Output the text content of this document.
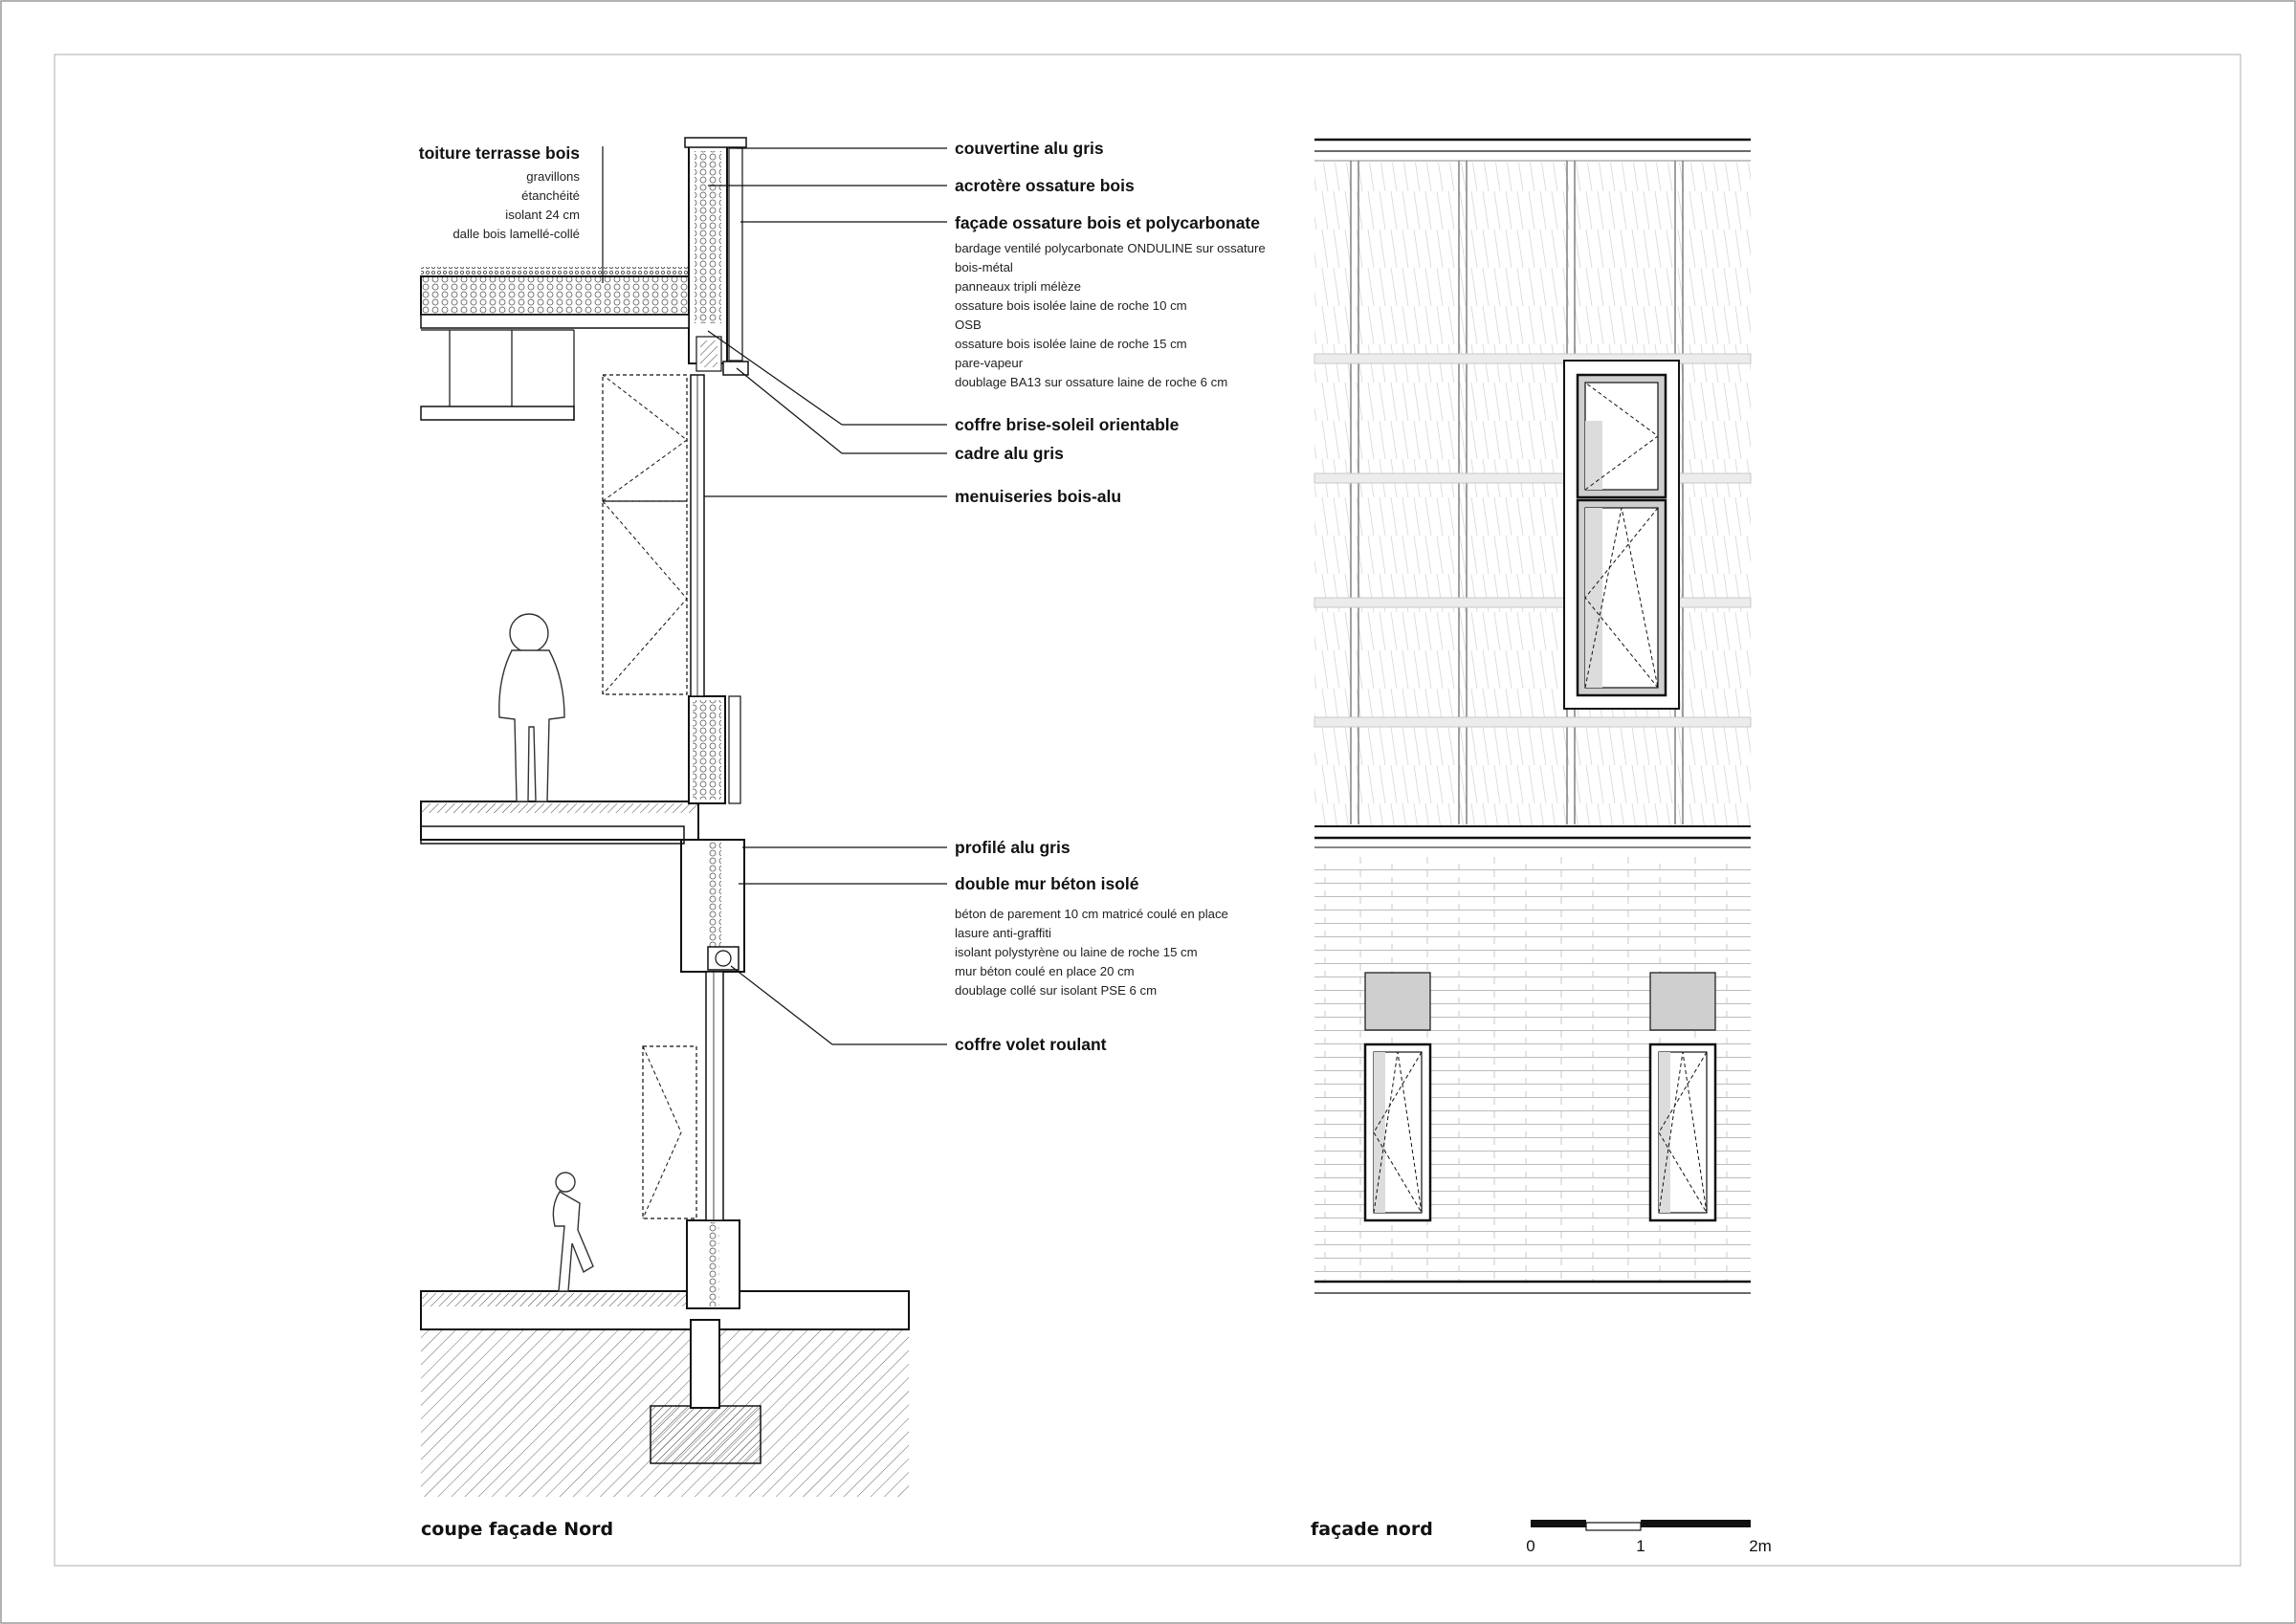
toiture terrasse bois
gravillons
étanchéité
isolant 24 cm
dalle bois lamellé-collé
couvertine alu gris
acrotère ossature bois
façade ossature bois et polycarbonate
bardage ventilé polycarbonate ONDULINE sur ossature
bois-métal
panneaux tripli mélèze
ossature bois isolée laine de roche 10 cm
OSB
ossature bois isolée laine de roche 15 cm
pare-vapeur
doublage BA13 sur ossature laine de roche 6 cm
coffre brise-soleil orientable
cadre alu gris
menuiseries bois-alu
profilé alu gris
double mur béton isolé
béton de parement 10 cm matricé coulé en place
lasure anti-graffiti
isolant polystyrène ou laine de roche 15 cm
mur béton coulé en place 20 cm
doublage collé sur isolant PSE 6 cm
coffre volet roulant
coupe façade Nord	façade nord
0	1	2m
